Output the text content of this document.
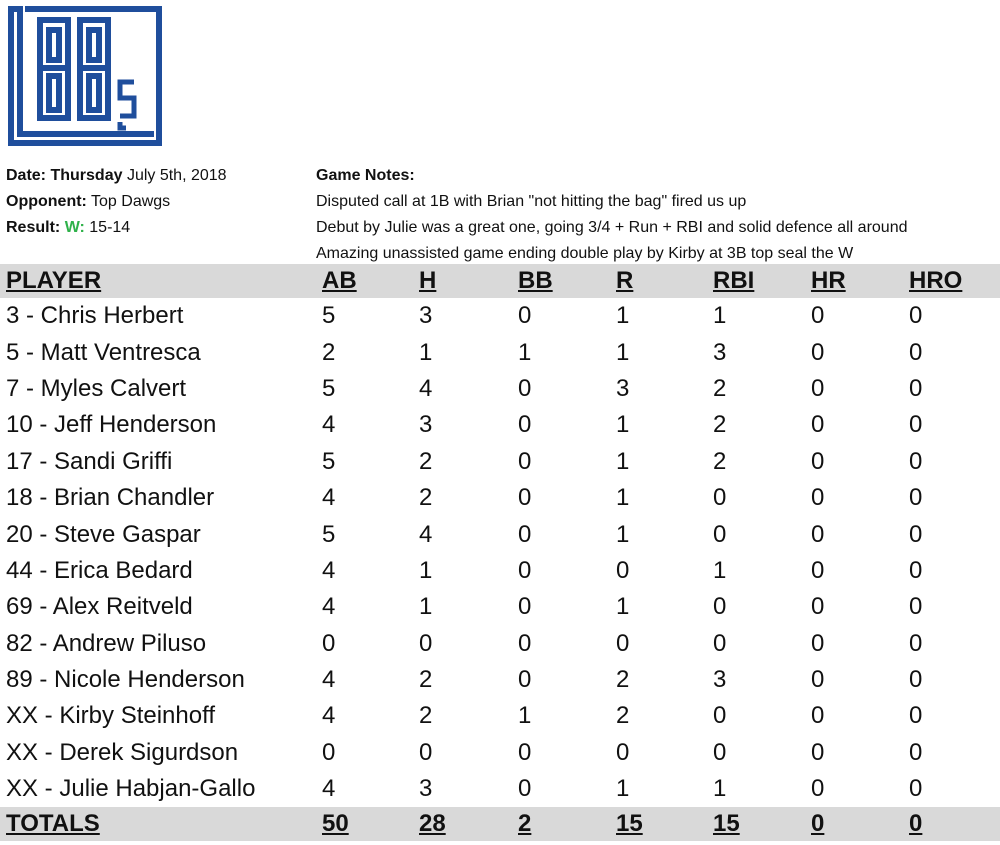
Date: Thursday July 5th, 2018
Opponent: Top Dawgs
Result: W: 15-14
Game Notes:
Disputed call at 1B with Brian "not hitting the bag" fired us up
Debut by Julie was a great one, going 3/4 + Run + RBI and solid defence all around
Amazing unassisted game ending double play by Kirby at 3B top seal the W
PLAYER	AB	H	BB	R	RBI	HR	HRO
3 - Chris Herbert	5	3	0	1	1	0	0
5 - Matt Ventresca	2	1	1	1	3	0	0
7 - Myles Calvert	5	4	0	3	2	0	0
10 - Jeff Henderson	4	3	0	1	2	0	0
17 - Sandi Griffi	5	2	0	1	2	0	0
18 - Brian Chandler	4	2	0	1	0	0	0
20 - Steve Gaspar	5	4	0	1	0	0	0
44 - Erica Bedard	4	1	0	0	1	0	0
69 - Alex Reitveld	4	1	0	1	0	0	0
82 - Andrew Piluso	0	0	0	0	0	0	0
89 - Nicole Henderson	4	2	0	2	3	0	0
XX - Kirby Steinhoff	4	2	1	2	0	0	0
XX - Derek Sigurdson	0	0	0	0	0	0	0
XX - Julie Habjan-Gallo	4	3	0	1	1	0	0
TOTALS	50	28	2	15	15	0	0
